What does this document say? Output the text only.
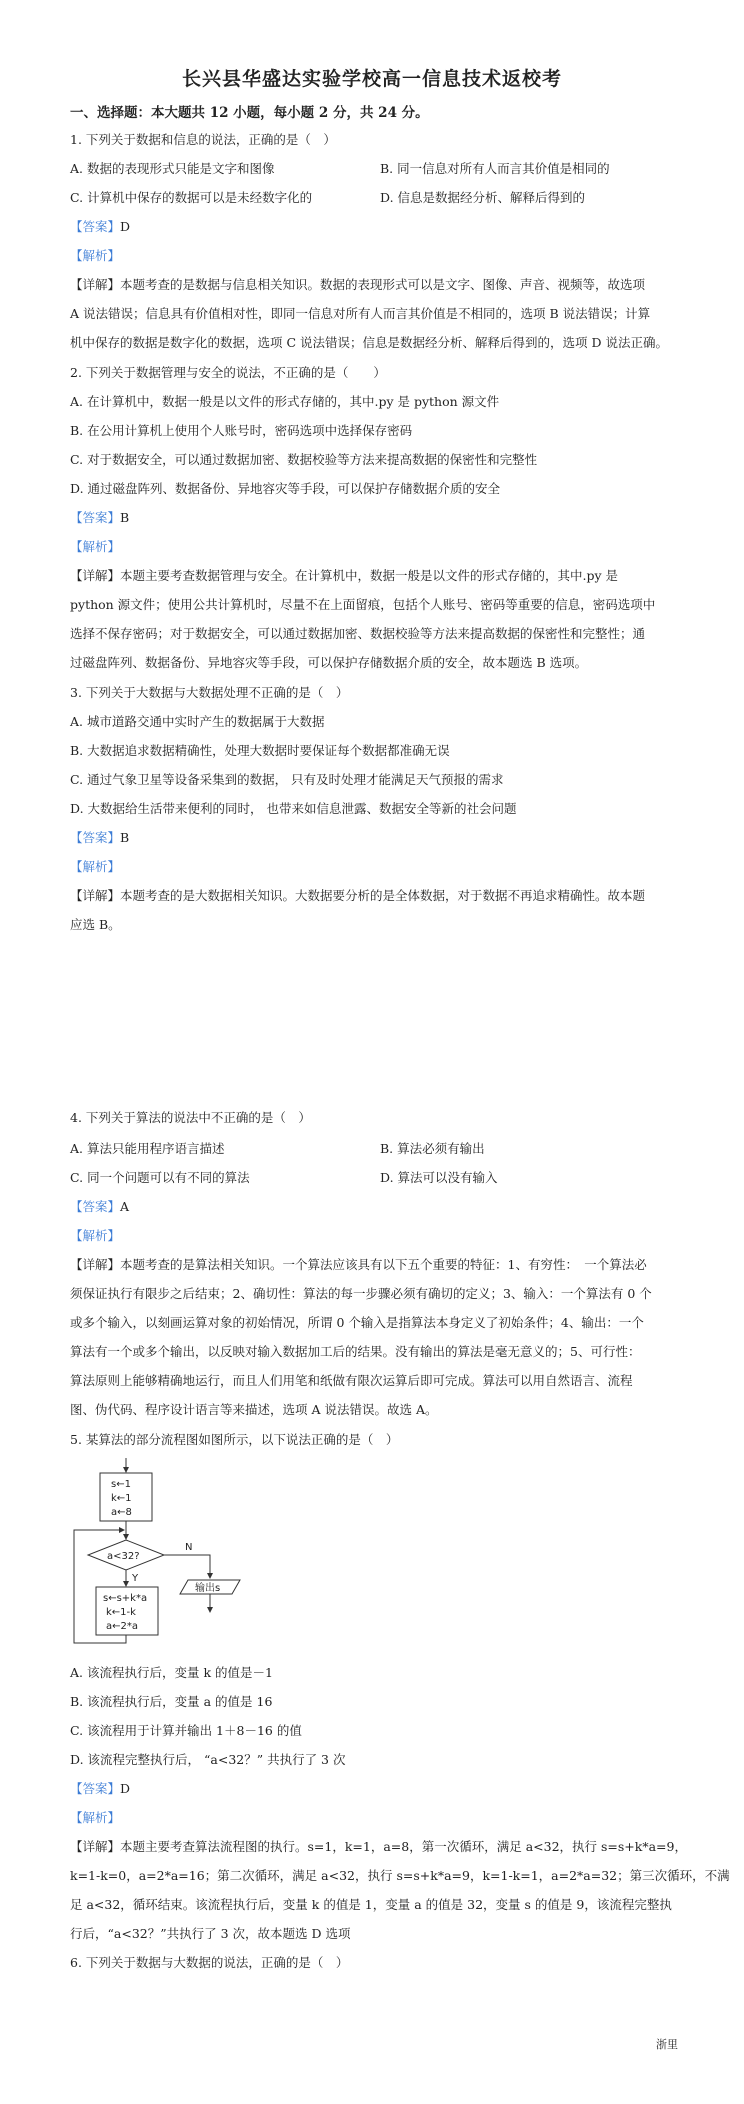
长兴县华盛达实验学校高一信息技术返校考
一、选择题：本大题共 12 小题，每小题 2 分，共 24 分。
1. 下列关于数据和信息的说法，正确的是（　）
A. 数据的表现形式只能是文字和图像	B. 同一信息对所有人而言其价值是相同的
C. 计算机中保存的数据可以是未经数字化的	D. 信息是数据经分析、解释后得到的
【答案】D
【解析】
【详解】本题考查的是数据与信息相关知识。数据的表现形式可以是文字、图像、声音、视频等，故选项
A 说法错误；信息具有价值相对性，即同一信息对所有人而言其价值是不相同的，选项 B 说法错误；计算
机中保存的数据是数字化的数据，选项 C 说法错误；信息是数据经分析、解释后得到的，选项 D 说法正确。
2. 下列关于数据管理与安全的说法，不正确的是（　　）
A. 在计算机中，数据一般是以文件的形式存储的，其中.py 是 python 源文件
B. 在公用计算机上使用个人账号时，密码选项中选择保存密码
C. 对于数据安全，可以通过数据加密、数据校验等方法来提高数据的保密性和完整性
D. 通过磁盘阵列、数据备份、异地容灾等手段，可以保护存储数据介质的安全
【答案】B
【解析】
【详解】本题主要考查数据管理与安全。在计算机中，数据一般是以文件的形式存储的，其中.py 是
python 源文件；使用公共计算机时，尽量不在上面留痕，包括个人账号、密码等重要的信息，密码选项中
选择不保存密码；对于数据安全，可以通过数据加密、数据校验等方法来提高数据的保密性和完整性；通
过磁盘阵列、数据备份、异地容灾等手段，可以保护存储数据介质的安全，故本题选 B 选项。
3. 下列关于大数据与大数据处理不正确的是（　）
A. 城市道路交通中实时产生的数据属于大数据
B. 大数据追求数据精确性，处理大数据时要保证每个数据都准确无误
C. 通过气象卫星等设备采集到的数据， 只有及时处理才能满足天气预报的需求
D. 大数据给生活带来便利的同时， 也带来如信息泄露、数据安全等新的社会问题
【答案】B
【解析】
【详解】本题考查的是大数据相关知识。大数据要分析的是全体数据，对于数据不再追求精确性。故本题
应选 B。
4. 下列关于算法的说法中不正确的是（　）
A. 算法只能用程序语言描述	B. 算法必须有输出
C. 同一个问题可以有不同的算法	D. 算法可以没有输入
【答案】A
【解析】
【详解】本题考查的是算法相关知识。一个算法应该具有以下五个重要的特征：1、有穷性：　一个算法必
须保证执行有限步之后结束；2、确切性：算法的每一步骤必须有确切的定义；3、输入：一个算法有 0 个
或多个输入，以刻画运算对象的初始情况，所谓 0 个输入是指算法本身定义了初始条件；4、输出：一个
算法有一个或多个输出，以反映对输入数据加工后的结果。没有输出的算法是毫无意义的；5、可行性：
算法原则上能够精确地运行，而且人们用笔和纸做有限次运算后即可完成。算法可以用自然语言、流程
图、伪代码、程序设计语言等来描述，选项 A 说法错误。故选 A。
5. 某算法的部分流程图如图所示，以下说法正确的是（　）
s←1
k←1
a←8
a<32?
Y
N
s←s+k*a
k←1-k
a←2*a
输出s
A. 该流程执行后，变量 k 的值是－1
B. 该流程执行后，变量 a 的值是 16
C. 该流程用于计算并输出 1＋8－16 的值
D. 该流程完整执行后， “a<32？” 共执行了 3 次
【答案】D
【解析】
【详解】本题主要考查算法流程图的执行。s=1，k=1，a=8，第一次循环，满足 a<32，执行 s=s+k*a=9，
k=1-k=0，a=2*a=16；第二次循环，满足 a<32，执行 s=s+k*a=9，k=1-k=1，a=2*a=32；第三次循环，不满
足 a<32，循环结束。该流程执行后，变量 k 的值是 1，变量 a 的值是 32，变量 s 的值是 9，该流程完整执
行后，“a<32？”共执行了 3 次，故本题选 D 选项
6. 下列关于数据与大数据的说法，正确的是（　）
浙里
